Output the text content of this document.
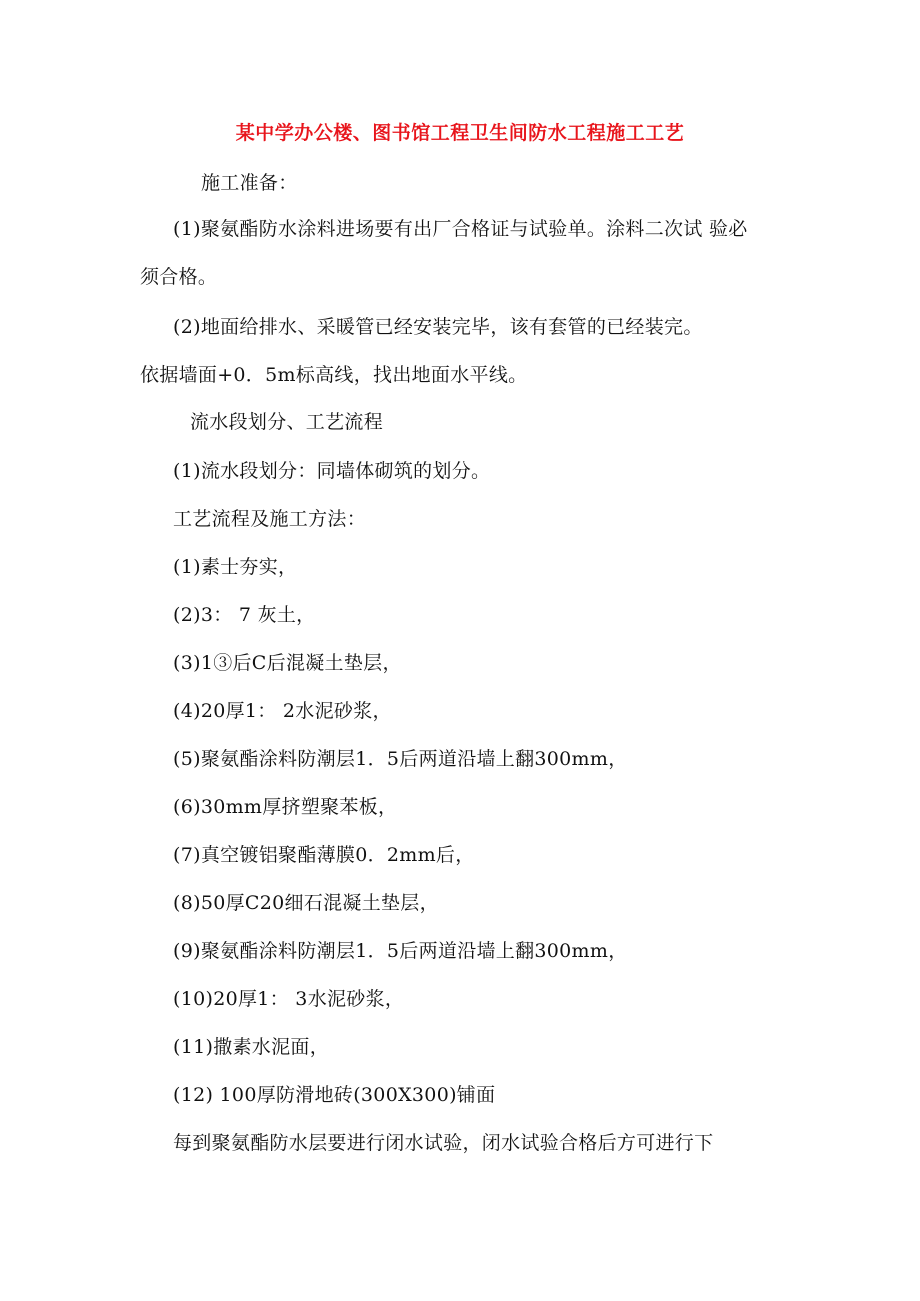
某中学办公楼、图书馆工程卫生间防水工程施工工艺
施工准备：
(1)聚氨酯防水涂料进场要有出厂合格证与试验单。涂料二次试 验必
须合格。
(2)地面给排水、采暖管已经安装完毕，该有套管的已经装完。
依据墙面+0．5m标高线，找出地面水平线。
流水段划分、工艺流程
(1)流水段划分：同墙体砌筑的划分。
工艺流程及施工方法：
(1)素士夯实，
(2)3： 7 灰土，
(3)1③后C后混凝土垫层，
(4)20厚1： 2水泥砂浆，
(5)聚氨酯涂料防潮层1．5后两道沿墙上翻300mm，
(6)30mm厚挤塑聚苯板，
(7)真空镀铝聚酯薄膜0．2mm后，
(8)50厚C20细石混凝土垫层，
(9)聚氨酯涂料防潮层1．5后两道沿墙上翻300mm，
(10)20厚1： 3水泥砂浆，
(11)撒素水泥面，
(12) 100厚防滑地砖(300X300)铺面
每到聚氨酯防水层要进行闭水试验，闭水试验合格后方可进行下
